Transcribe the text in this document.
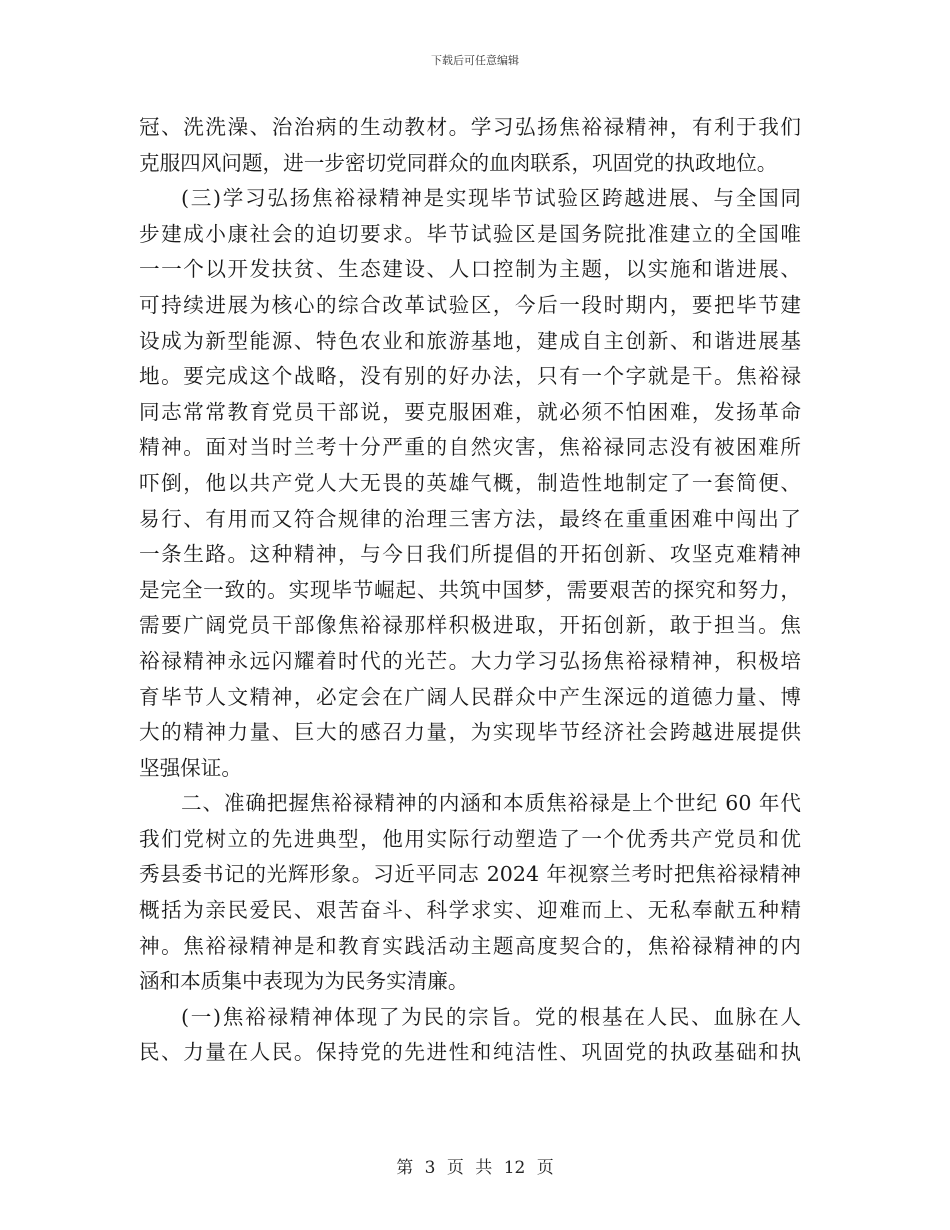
下载后可任意编辑
冠、洗洗澡、治治病的生动教材。学习弘扬焦裕禄精神，有利于我们
克服四风问题，进一步密切党同群众的血肉联系，巩固党的执政地位。
(三)学习弘扬焦裕禄精神是实现毕节试验区跨越进展、与全国同
步建成小康社会的迫切要求。毕节试验区是国务院批准建立的全国唯
一一个以开发扶贫、生态建设、人口控制为主题，以实施和谐进展、
可持续进展为核心的综合改革试验区，今后一段时期内，要把毕节建
设成为新型能源、特色农业和旅游基地，建成自主创新、和谐进展基
地。要完成这个战略，没有别的好办法，只有一个字就是干。焦裕禄
同志常常教育党员干部说，要克服困难，就必须不怕困难，发扬革命
精神。面对当时兰考十分严重的自然灾害，焦裕禄同志没有被困难所
吓倒，他以共产党人大无畏的英雄气概，制造性地制定了一套简便、
易行、有用而又符合规律的治理三害方法，最终在重重困难中闯出了
一条生路。这种精神，与今日我们所提倡的开拓创新、攻坚克难精神
是完全一致的。实现毕节崛起、共筑中国梦，需要艰苦的探究和努力，
需要广阔党员干部像焦裕禄那样积极进取，开拓创新，敢于担当。焦
裕禄精神永远闪耀着时代的光芒。大力学习弘扬焦裕禄精神，积极培
育毕节人文精神，必定会在广阔人民群众中产生深远的道德力量、博
大的精神力量、巨大的感召力量，为实现毕节经济社会跨越进展提供
坚强保证。
二、准确把握焦裕禄精神的内涵和本质焦裕禄是上个世纪 60 年代
我们党树立的先进典型，他用实际行动塑造了一个优秀共产党员和优
秀县委书记的光辉形象。习近平同志 2024 年视察兰考时把焦裕禄精神
概括为亲民爱民、艰苦奋斗、科学求实、迎难而上、无私奉献五种精
神。焦裕禄精神是和教育实践活动主题高度契合的，焦裕禄精神的内
涵和本质集中表现为为民务实清廉。
(一)焦裕禄精神体现了为民的宗旨。党的根基在人民、血脉在人
民、力量在人民。保持党的先进性和纯洁性、巩固党的执政基础和执
第 3 页 共 12 页
